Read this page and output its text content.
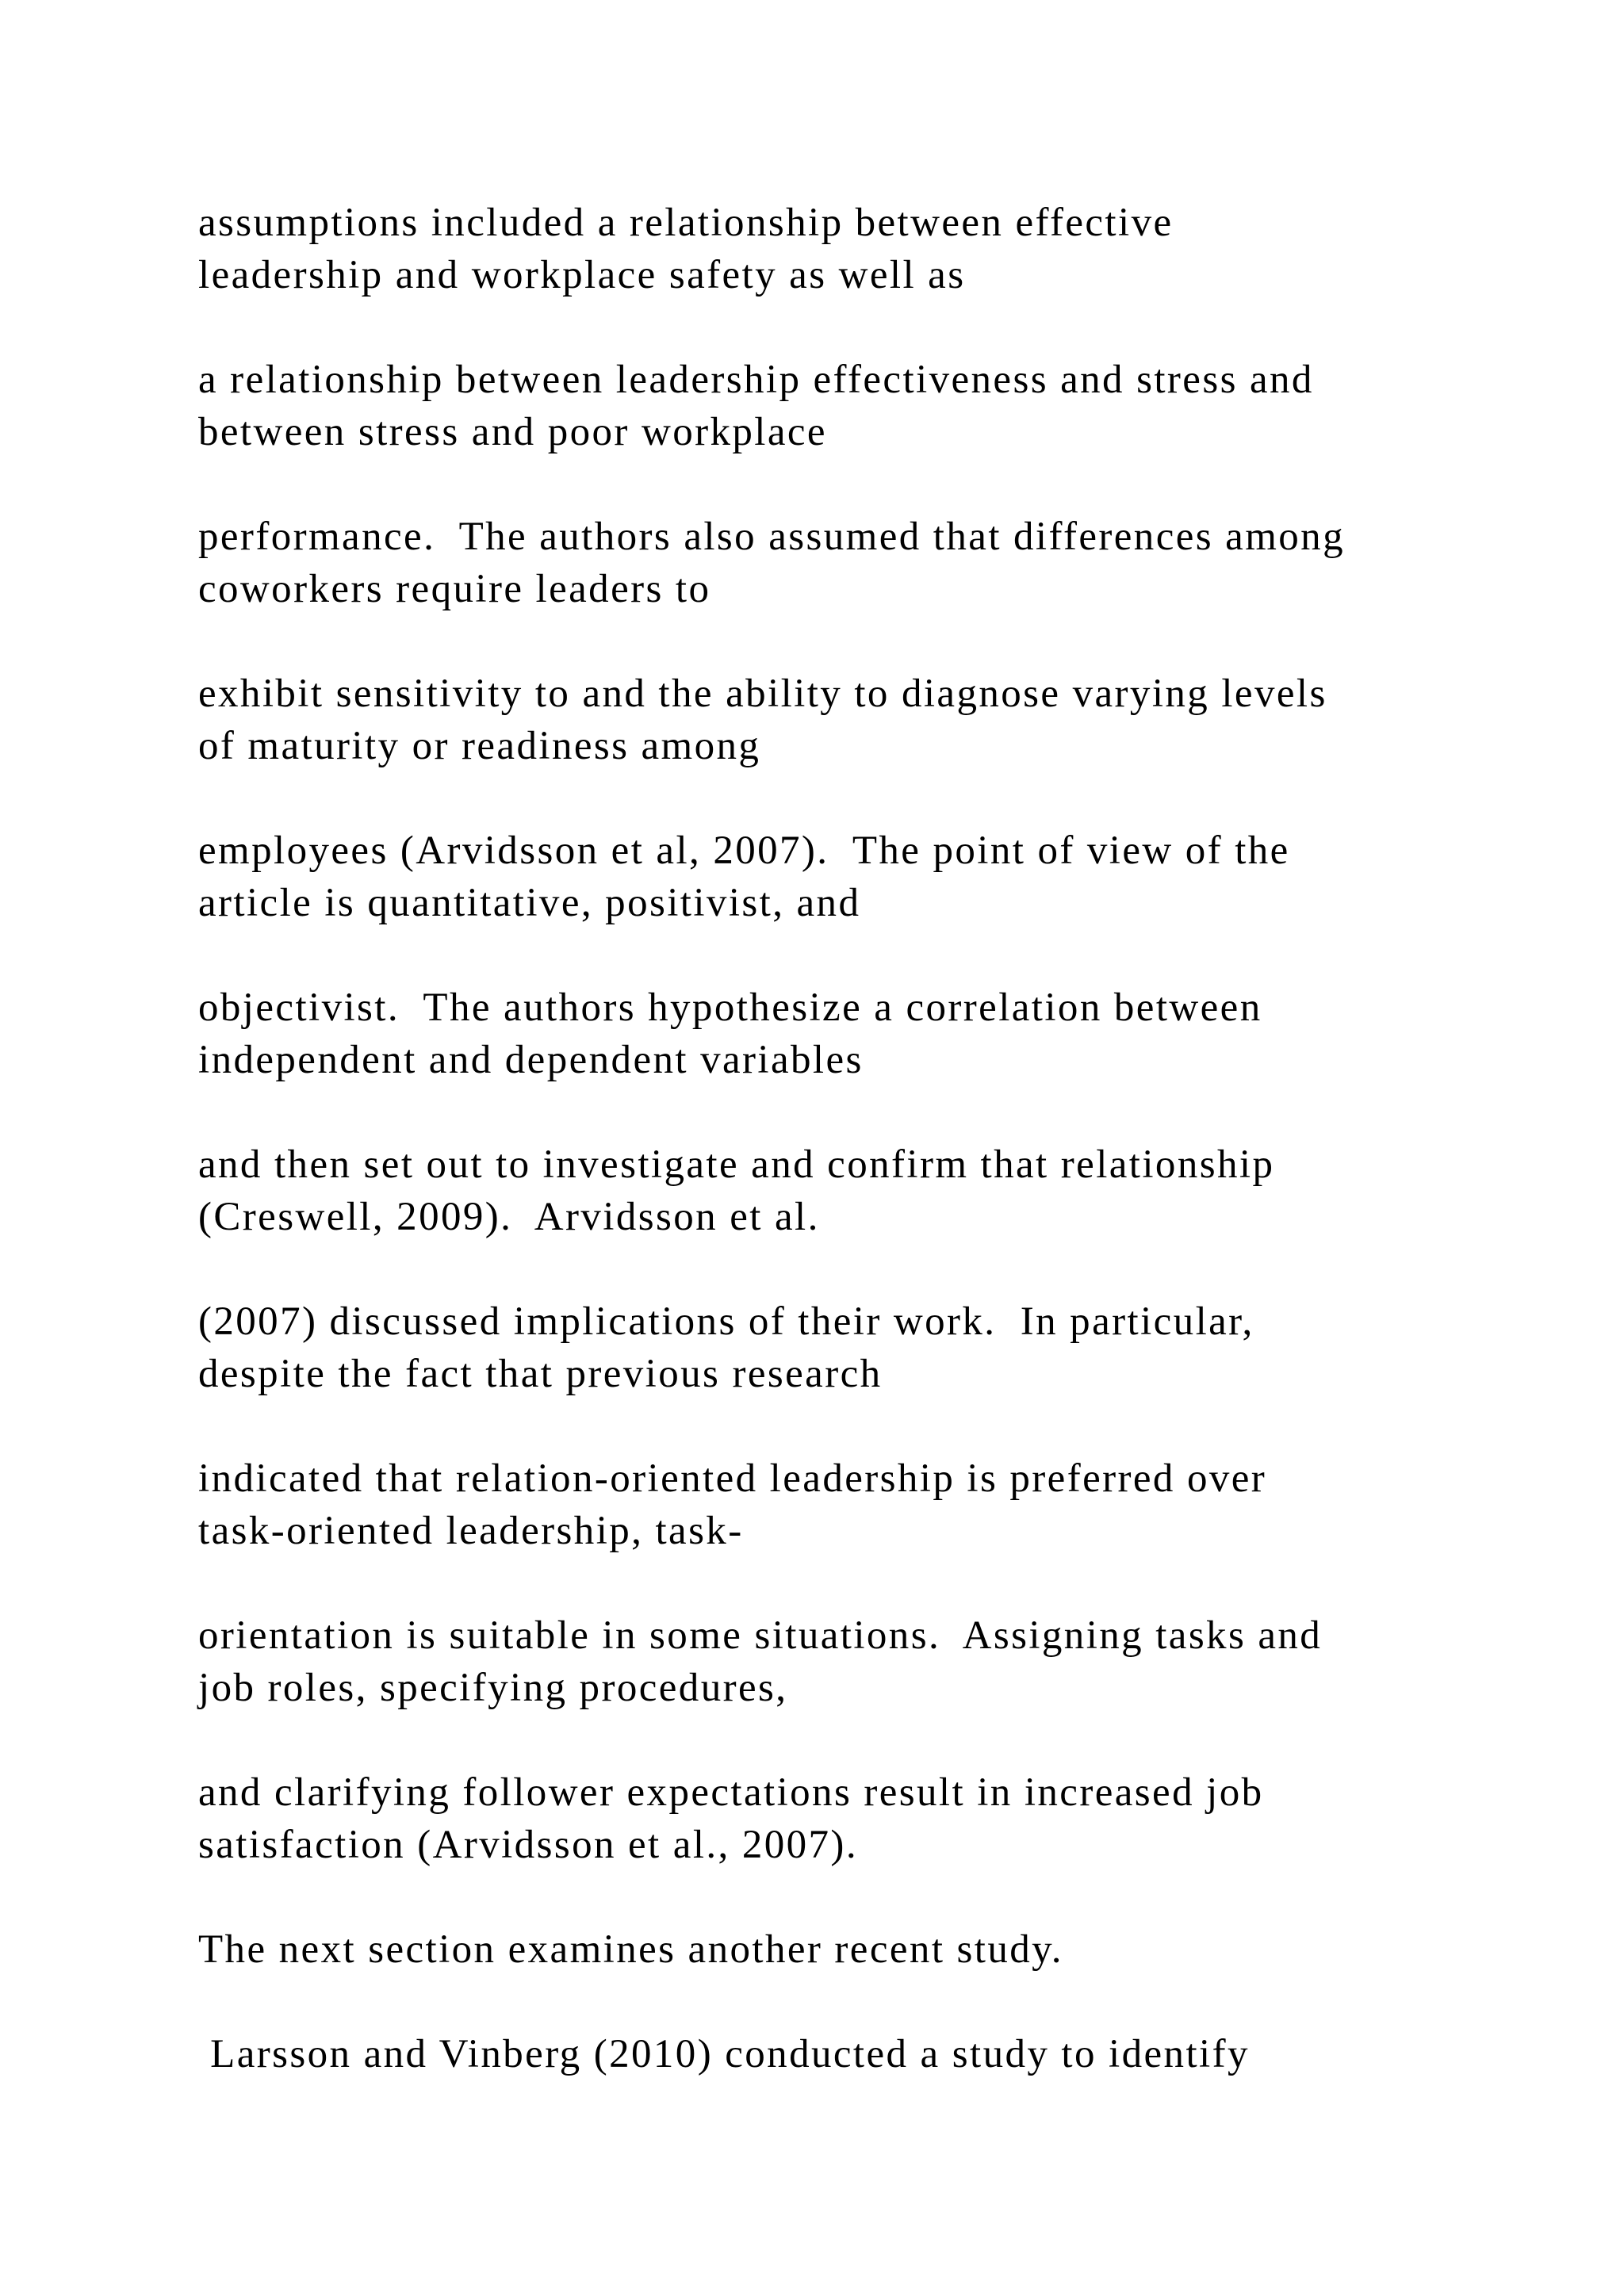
assumptions included a relationship between effective
leadership and workplace safety as well as

a relationship between leadership effectiveness and stress and
between stress and poor workplace

performance.  The authors also assumed that differences among
coworkers require leaders to

exhibit sensitivity to and the ability to diagnose varying levels
of maturity or readiness among

employees (Arvidsson et al, 2007).  The point of view of the
article is quantitative, positivist, and

objectivist.  The authors hypothesize a correlation between
independent and dependent variables

and then set out to investigate and confirm that relationship
(Creswell, 2009).  Arvidsson et al.

(2007) discussed implications of their work.  In particular,
despite the fact that previous research

indicated that relation-oriented leadership is preferred over
task-oriented leadership, task-

orientation is suitable in some situations.  Assigning tasks and
job roles, specifying procedures,

and clarifying follower expectations result in increased job
satisfaction (Arvidsson et al., 2007).

The next section examines another recent study.

Larsson and Vinberg (2010) conducted a study to identify
